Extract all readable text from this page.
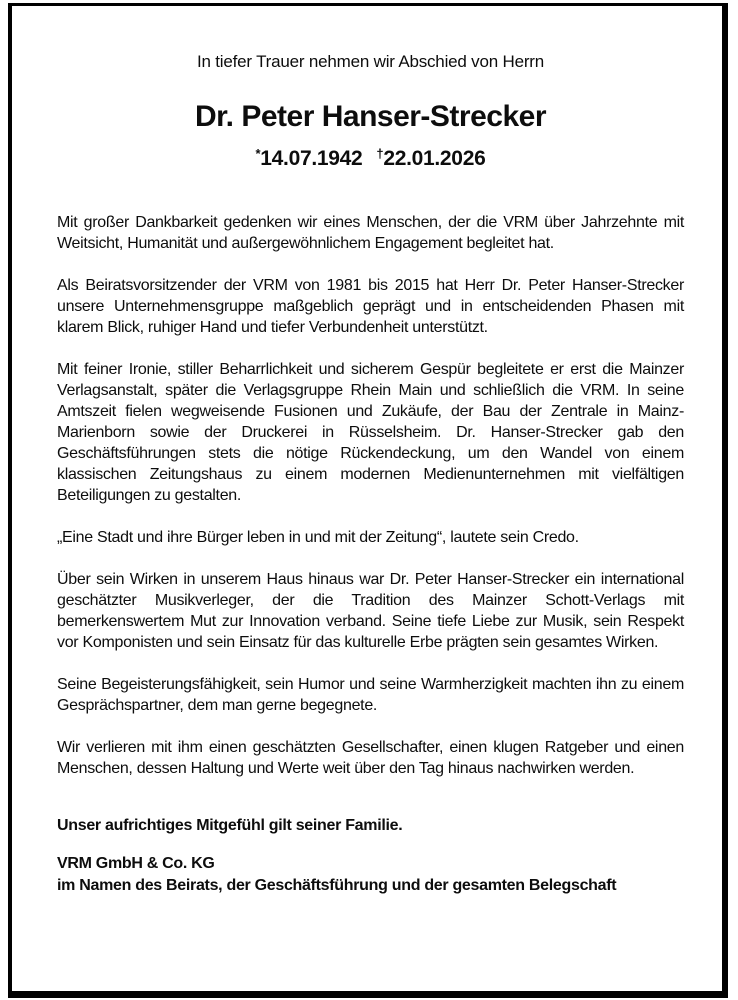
In tiefer Trauer nehmen wir Abschied von Herrn

Dr. Peter Hanser-Strecker

*14.07.1942 †22.01.2026

Mit großer Dankbarkeit gedenken wir eines Menschen, der die VRM über Jahrzehnte mit Weitsicht, Humanität und außergewöhnlichem Engagement begleitet hat.

Als Beiratsvorsitzender der VRM von 1981 bis 2015 hat Herr Dr. Peter Hanser-Strecker unsere Unternehmensgruppe maßgeblich geprägt und in entscheidenden Phasen mit klarem Blick, ruhiger Hand und tiefer Verbundenheit unterstützt.

Mit feiner Ironie, stiller Beharrlichkeit und sicherem Gespür begleitete er erst die Mainzer Verlagsanstalt, später die Verlagsgruppe Rhein Main und schließlich die VRM. In seine Amtszeit fielen wegweisende Fusionen und Zukäufe, der Bau der Zentrale in Mainz-Marienborn sowie der Druckerei in Rüsselsheim. Dr. Hanser-Strecker gab den Geschäftsführungen stets die nötige Rückendeckung, um den Wandel von einem klassischen Zeitungshaus zu einem modernen Medienunternehmen mit vielfältigen Beteiligungen zu gestalten.

„Eine Stadt und ihre Bürger leben in und mit der Zeitung“, lautete sein Credo.

Über sein Wirken in unserem Haus hinaus war Dr. Peter Hanser-Strecker ein international geschätzter Musikverleger, der die Tradition des Mainzer Schott-Verlags mit bemerkenswertem Mut zur Innovation verband. Seine tiefe Liebe zur Musik, sein Respekt vor Komponisten und sein Einsatz für das kulturelle Erbe prägten sein gesamtes Wirken.

Seine Begeisterungsfähigkeit, sein Humor und seine Warmherzigkeit machten ihn zu einem Gesprächspartner, dem man gerne begegnete.

Wir verlieren mit ihm einen geschätzten Gesellschafter, einen klugen Ratgeber und einen Menschen, dessen Haltung und Werte weit über den Tag hinaus nachwirken werden.

Unser aufrichtiges Mitgefühl gilt seiner Familie.

VRM GmbH & Co. KG

im Namen des Beirats, der Geschäftsführung und der gesamten Belegschaft
